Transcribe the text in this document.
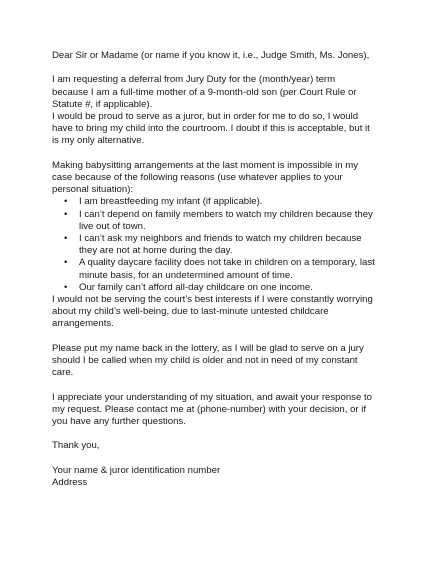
Dear Sir or Madame (or name if you know it, i.e., Judge Smith, Ms. Jones),

I am requesting a deferral from Jury Duty for the (month/year) term

because I am a full-time mother of a 9-month-old son (per Court Rule or

Statute #, if applicable).

I would be proud to serve as a juror, but in order for me to do so, I would

have to bring my child into the courtroom. I doubt if this is acceptable, but it

is my only alternative.

Making babysitting arrangements at the last moment is impossible in my

case because of the following reasons (use whatever applies to your

personal situation):

• I am breastfeeding my infant (if applicable).
• I can’t depend on family members to watch my children because they
live out of town.
• I can’t ask my neighbors and friends to watch my children because
they are not at home during the day.
• A quality daycare facility does not take in children on a temporary, last
minute basis, for an undetermined amount of time.
• Our family can’t afford all-day childcare on one income.

I would not be serving the court’s best interests if I were constantly worrying

about my child’s well-being, due to last-minute untested childcare

arrangements.

Please put my name back in the lottery, as I will be glad to serve on a jury

should I be called when my child is older and not in need of my constant

care.

I appreciate your understanding of my situation, and await your response to

my request. Please contact me at (phone-number) with your decision, or if

you have any further questions.

Thank you,

Your name & juror identification number

Address
